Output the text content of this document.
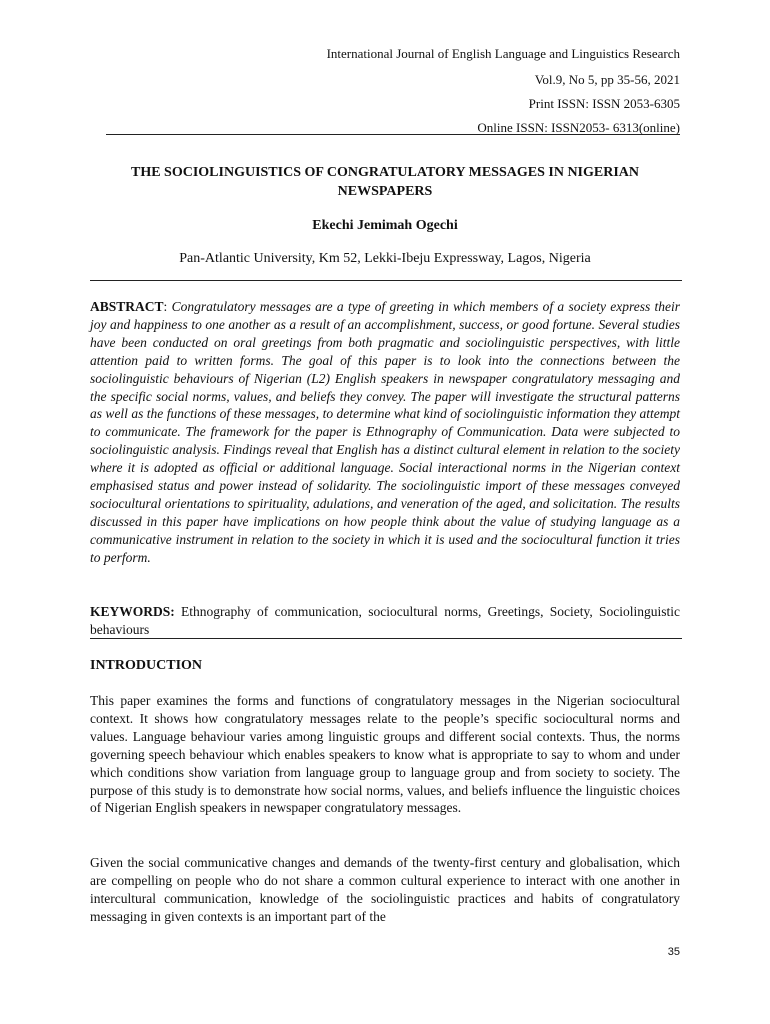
International Journal of English Language and Linguistics Research
Vol.9, No 5, pp 35-56, 2021
Print ISSN: ISSN 2053-6305
Online ISSN: ISSN2053- 6313(online)
THE SOCIOLINGUISTICS OF CONGRATULATORY MESSAGES IN NIGERIAN NEWSPAPERS
Ekechi Jemimah Ogechi
Pan-Atlantic University, Km 52, Lekki-Ibeju Expressway, Lagos, Nigeria
ABSTRACT: Congratulatory messages are a type of greeting in which members of a society express their joy and happiness to one another as a result of an accomplishment, success, or good fortune. Several studies have been conducted on oral greetings from both pragmatic and sociolinguistic perspectives, with little attention paid to written forms. The goal of this paper is to look into the connections between the sociolinguistic behaviours of Nigerian (L2) English speakers in newspaper congratulatory messaging and the specific social norms, values, and beliefs they convey. The paper will investigate the structural patterns as well as the functions of these messages, to determine what kind of sociolinguistic information they attempt to communicate. The framework for the paper is Ethnography of Communication. Data were subjected to sociolinguistic analysis. Findings reveal that English has a distinct cultural element in relation to the society where it is adopted as official or additional language. Social interactional norms in the Nigerian context emphasised status and power instead of solidarity. The sociolinguistic import of these messages conveyed sociocultural orientations to spirituality, adulations, and veneration of the aged, and solicitation. The results discussed in this paper have implications on how people think about the value of studying language as a communicative instrument in relation to the society in which it is used and the sociocultural function it tries to perform.
KEYWORDS: Ethnography of communication, sociocultural norms, Greetings, Society, Sociolinguistic behaviours
INTRODUCTION
This paper examines the forms and functions of congratulatory messages in the Nigerian sociocultural context. It shows how congratulatory messages relate to the people’s specific sociocultural norms and values. Language behaviour varies among linguistic groups and different social contexts. Thus, the norms governing speech behaviour which enables speakers to know what is appropriate to say to whom and under which conditions show variation from language group to language group and from society to society. The purpose of this study is to demonstrate how social norms, values, and beliefs influence the linguistic choices of Nigerian English speakers in newspaper congratulatory messages.
Given the social communicative changes and demands of the twenty-first century and globalisation, which are compelling on people who do not share a common cultural experience to interact with one another in intercultural communication, knowledge of the sociolinguistic practices and habits of congratulatory messaging in given contexts is an important part of the
35
